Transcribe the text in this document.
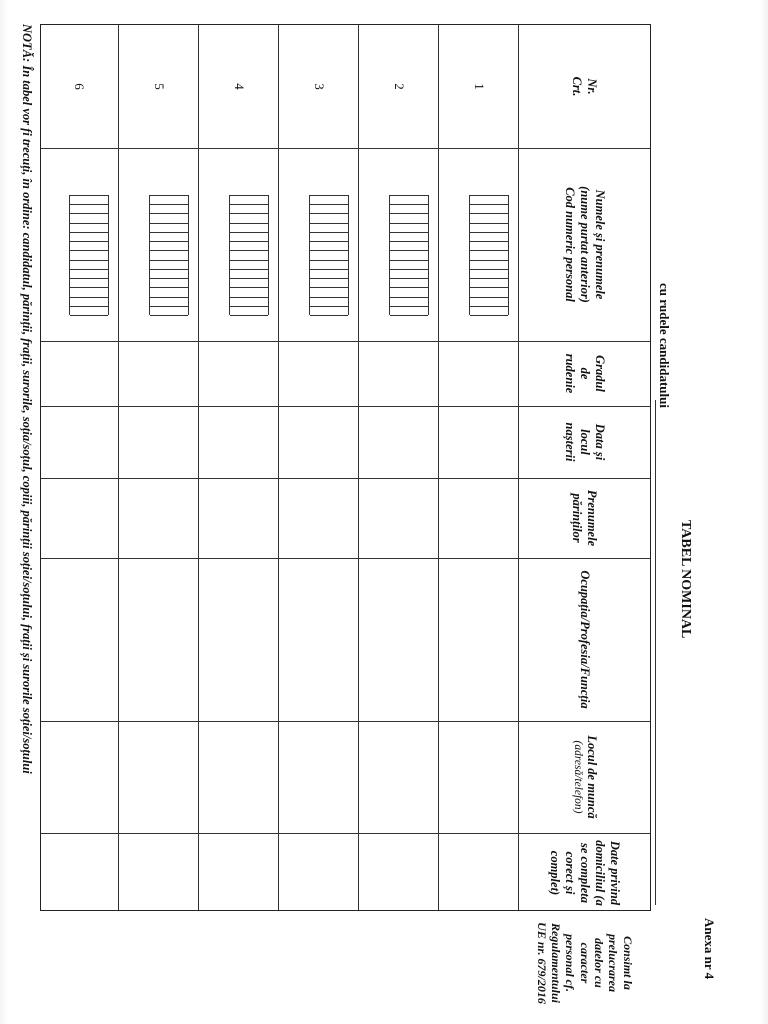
Anexa nr 4
TABEL NOMINAL
cu rudele candidatului
Nr.
Crt.
Numele și prenumele
(nume purtat anterior)
Cod numeric personal
Gradul
de
rudenie
Data și
locul
nașterii
Prenumele
părinților
Ocupația/Profesia/Funcția
Locul de muncă
(adresă/telefon)
Date privind
domiciliul (a
se completa
corect și
complet)
Consimt la
prelucrarea
datelor cu
caracter
personal cf.
Regulamentului
UE nr. 679/2016
1
2
3
4
5
6
NOTĂ: În tabel vor fi trecuți, în ordine: candidatul, părinții, frații, surorile, soția/soțul, copiii, părinții soției/soțului, frații și surorile soției/soțului
